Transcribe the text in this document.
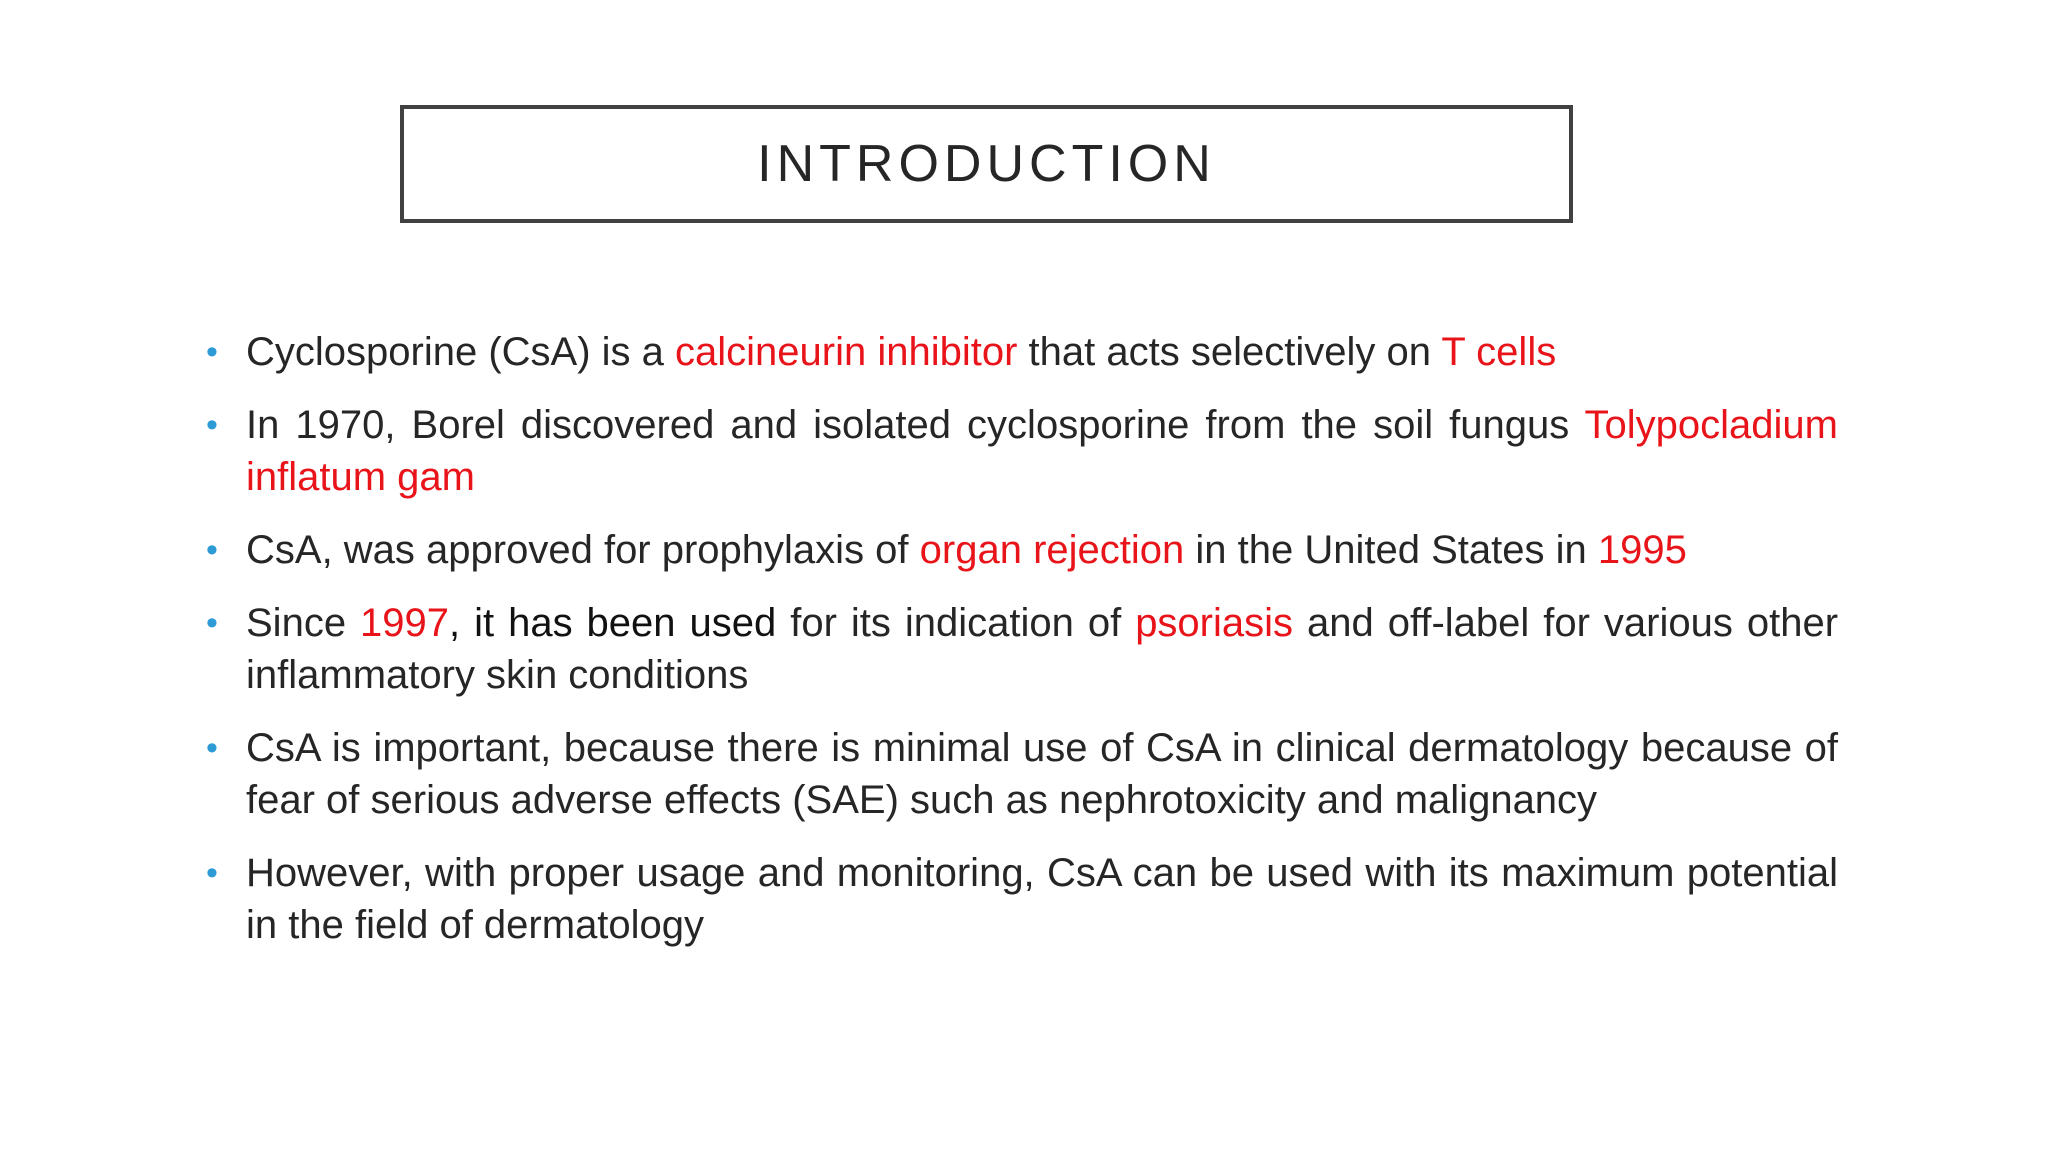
INTRODUCTION
• Cyclosporine (CsA) is a calcineurin inhibitor that acts selectively on T cells
• In 1970, Borel discovered and isolated cyclosporine from the soil fungus Tolypocladium inflatum gam
• CsA, was approved for prophylaxis of organ rejection in the United States in 1995
• Since 1997, it has been used for its indication of psoriasis and off-label for various other inflammatory skin conditions
• CsA is important, because there is minimal use of CsA in clinical dermatology because of fear of serious adverse effects (SAE) such as nephrotoxicity and malignancy
• However, with proper usage and monitoring, CsA can be used with its maximum potential in the field of dermatology
